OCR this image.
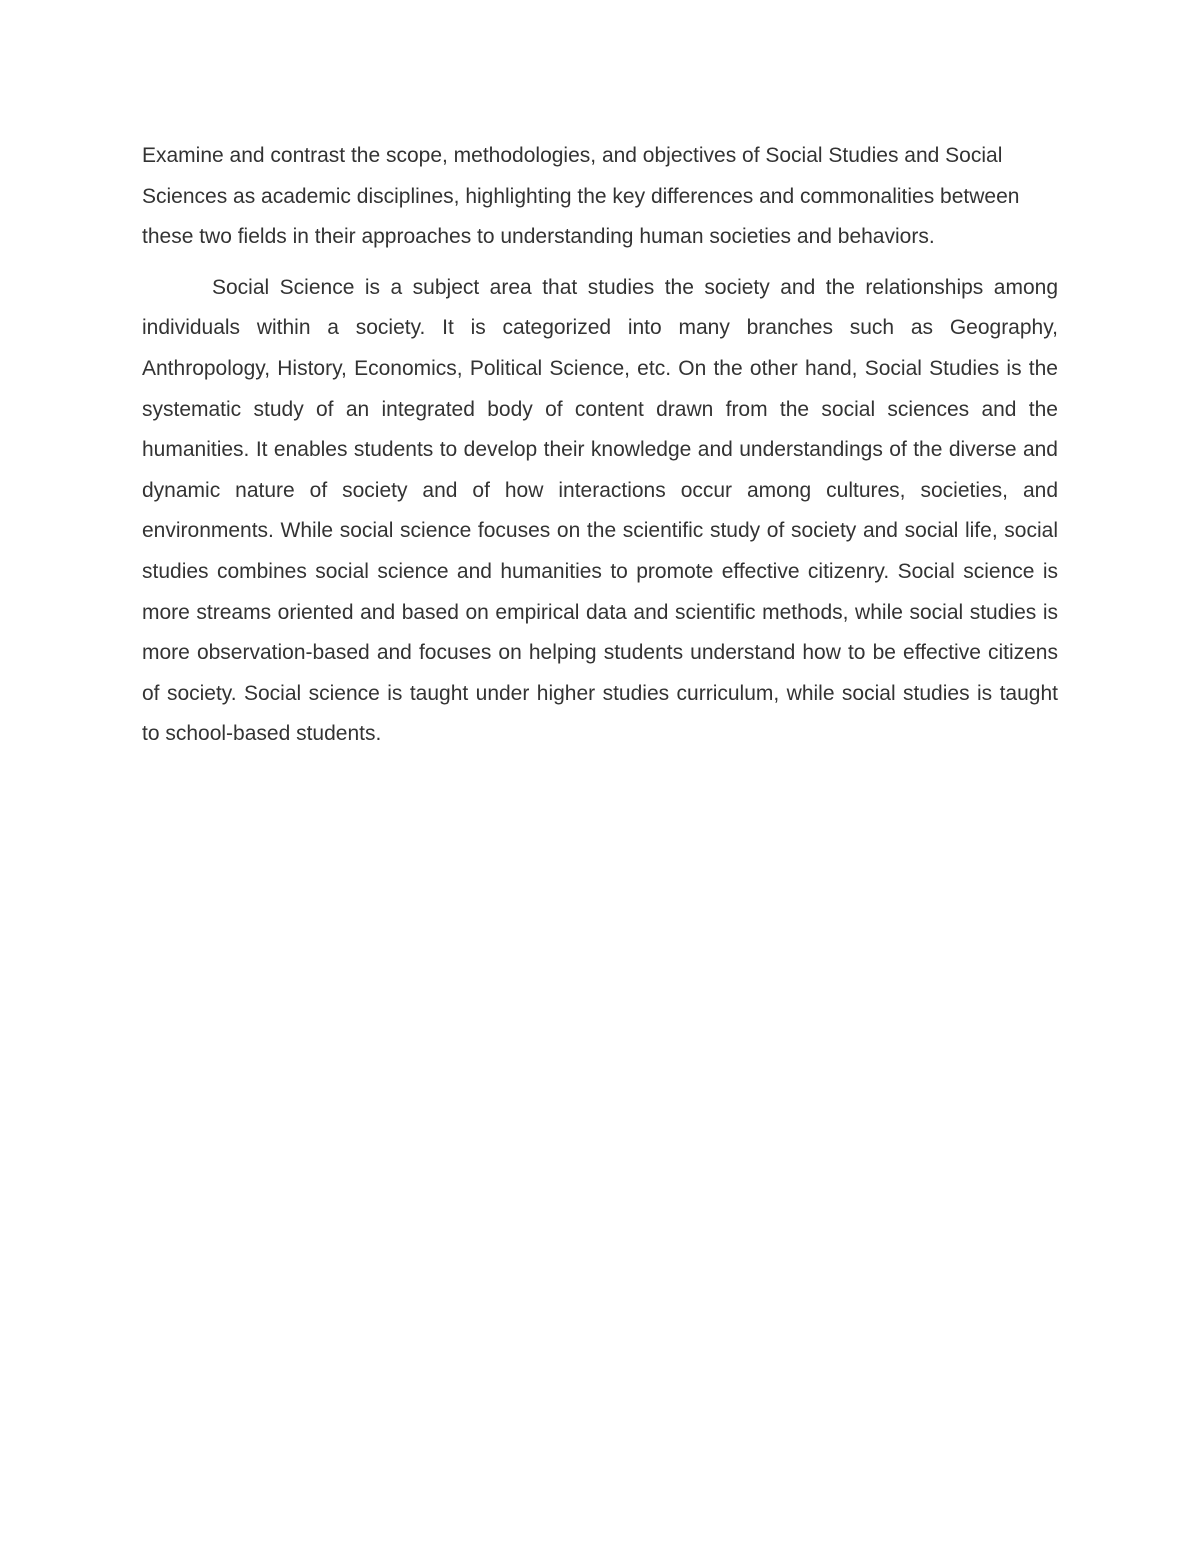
Examine and contrast the scope, methodologies, and objectives of Social Studies and Social Sciences as academic disciplines, highlighting the key differences and commonalities between these two fields in their approaches to understanding human societies and behaviors.

Social Science is a subject area that studies the society and the relationships among individuals within a society. It is categorized into many branches such as Geography, Anthropology, History, Economics, Political Science, etc. On the other hand, Social Studies is the systematic study of an integrated body of content drawn from the social sciences and the humanities. It enables students to develop their knowledge and understandings of the diverse and dynamic nature of society and of how interactions occur among cultures, societies, and environments. While social science focuses on the scientific study of society and social life, social studies combines social science and humanities to promote effective citizenry. Social science is more streams oriented and based on empirical data and scientific methods, while social studies is more observation-based and focuses on helping students understand how to be effective citizens of society. Social science is taught under higher studies curriculum, while social studies is taught to school-based students.
